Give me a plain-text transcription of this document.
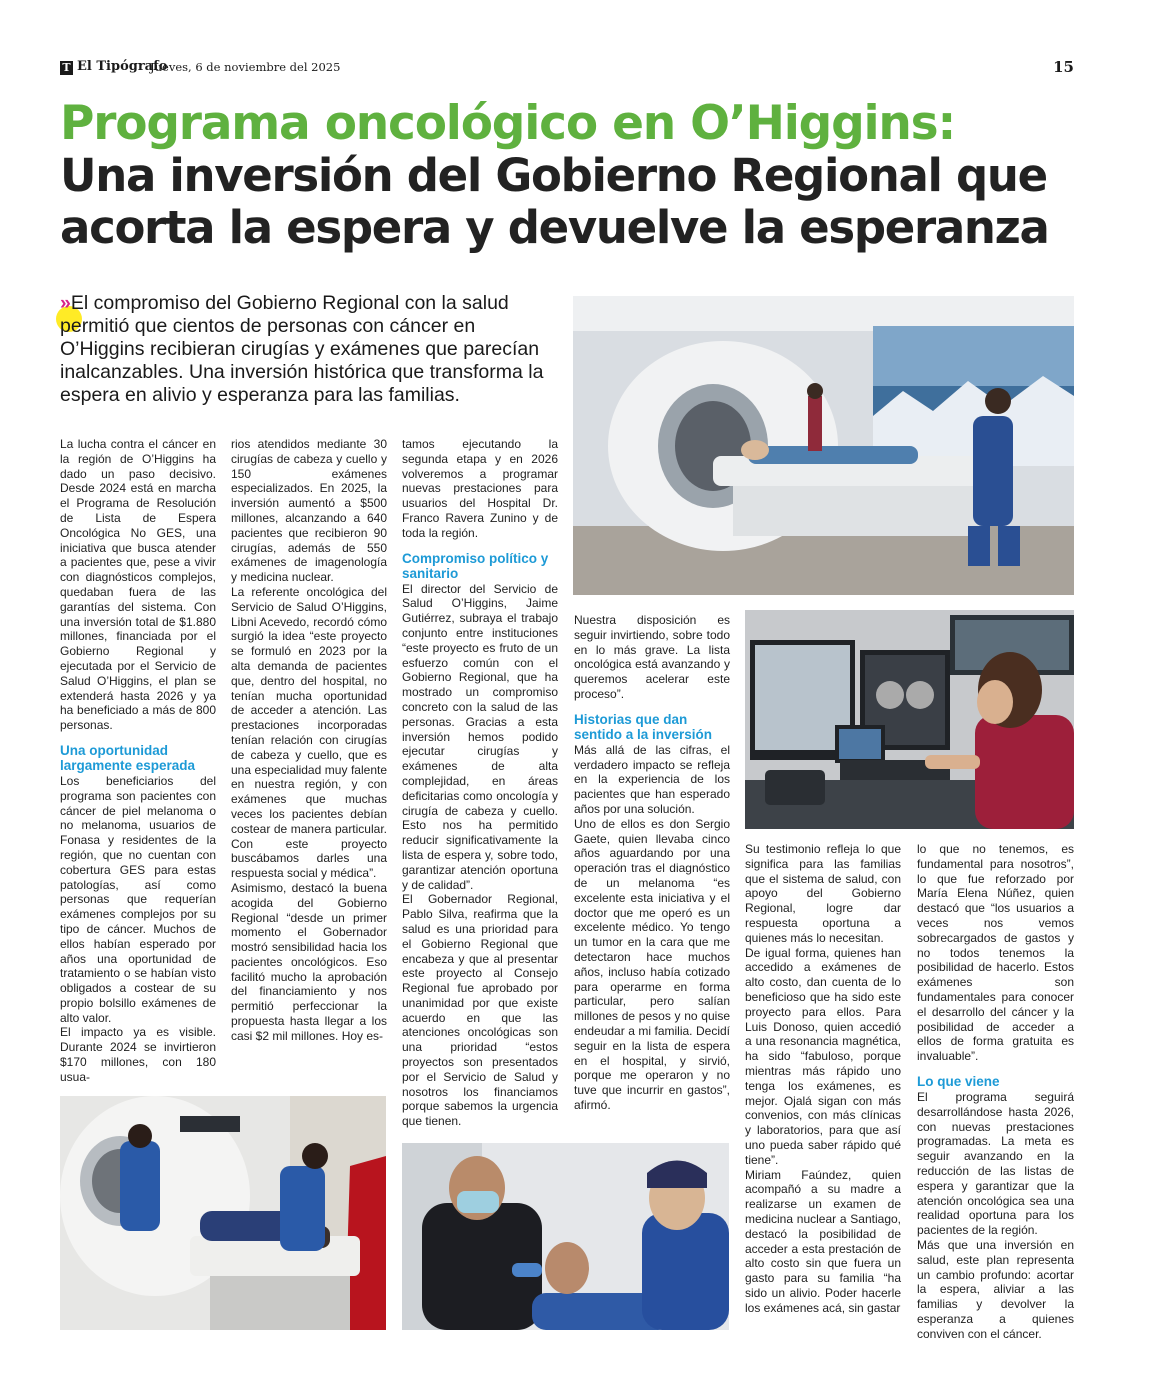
T El Tipógrafo
Jueves, 6 de noviembre del 2025	15
Programa oncológico en O’Higgins:
Una inversión del Gobierno Regional que
acorta la espera y devuelve la esperanza

»El compromiso del Gobierno Regional con la salud permitió que cientos de personas con cáncer en O’Higgins recibieran cirugías y exámenes que parecían inalcanzables. Una inversión histórica que transforma la espera en alivio y esperanza para las familias.

La lucha contra el cáncer en la región de O’Higgins ha dado un paso decisivo. Desde 2024 está en marcha el Programa de Resolución de Lista de Espera Oncológica No GES, una iniciativa que busca atender a pacientes que, pese a vivir con diagnósticos complejos, quedaban fuera de las garantías del sistema. Con una inversión total de $1.880 millones, financiada por el Gobierno Regional y ejecutada por el Servicio de Salud O’Higgins, el plan se extenderá hasta 2026 y ya ha beneficiado a más de 800 personas.

Una oportunidad largamente esperada

Los beneficiarios del programa son pacientes con cáncer de piel melanoma o no melanoma, usuarios de Fonasa y residentes de la región, que no cuentan con cobertura GES para estas patologías, así como personas que requerían exámenes complejos por su tipo de cáncer. Muchos de ellos habían esperado por años una oportunidad de tratamiento o se habían visto obligados a costear de su propio bolsillo exámenes de alto valor.

El impacto ya es visible. Durante 2024 se invirtieron $170 millones, con 180 usua-

rios atendidos mediante 30 cirugías de cabeza y cuello y 150 exámenes especializados. En 2025, la inversión aumentó a $500 millones, alcanzando a 640 pacientes que recibieron 90 cirugías, además de 550 exámenes de imagenología y medicina nuclear.

La referente oncológica del Servicio de Salud O’Higgins, Libni Acevedo, recordó cómo surgió la idea “este proyecto se formuló en 2023 por la alta demanda de pacientes que, dentro del hospital, no tenían mucha oportunidad de acceder a atención. Las prestaciones incorporadas tenían relación con cirugías de cabeza y cuello, que es una especialidad muy falente en nuestra región, y con exámenes que muchas veces los pacientes debían costear de manera particular. Con este proyecto buscábamos darles una respuesta social y médica”.

Asimismo, destacó la buena acogida del Gobierno Regional “desde un primer momento el Gobernador mostró sensibilidad hacia los pacientes oncológicos. Eso facilitó mucho la aprobación del financiamiento y nos permitió perfeccionar la propuesta hasta llegar a los casi $2 mil millones. Hoy es-

tamos ejecutando la segunda etapa y en 2026 volveremos a programar nuevas prestaciones para usuarios del Hospital Dr. Franco Ravera Zunino y de toda la región.

Compromiso político y sanitario

El director del Servicio de Salud O’Higgins, Jaime Gutiérrez, subraya el trabajo conjunto entre instituciones “este proyecto es fruto de un esfuerzo común con el Gobierno Regional, que ha mostrado un compromiso concreto con la salud de las personas. Gracias a esta inversión hemos podido ejecutar cirugías y exámenes de alta complejidad, en áreas deficitarias como oncología y cirugía de cabeza y cuello. Esto nos ha permitido reducir significativamente la lista de espera y, sobre todo, garantizar atención oportuna y de calidad”.

El Gobernador Regional, Pablo Silva, reafirma que la salud es una prioridad para el Gobierno Regional que encabeza y que al presentar este proyecto al Consejo Regional fue aprobado por unanimidad por que existe acuerdo en que las atenciones oncológicas son una prioridad “estos proyectos son presentados por el Servicio de Salud y nosotros los financiamos porque sabemos la urgencia que tienen.

Nuestra disposición es seguir invirtiendo, sobre todo en lo más grave. La lista oncológica está avanzando y queremos acelerar este proceso”.

Historias que dan sentido a la inversión

Más allá de las cifras, el verdadero impacto se refleja en la experiencia de los pacientes que han esperado años por una solución.

Uno de ellos es don Sergio Gaete, quien llevaba cinco años aguardando por una operación tras el diagnóstico de un melanoma “es excelente esta iniciativa y el doctor que me operó es un excelente médico. Yo tengo un tumor en la cara que me detectaron hace muchos años, incluso había cotizado para operarme en forma particular, pero salían millones de pesos y no quise endeudar a mi familia. Decidí seguir en la lista de espera en el hospital, y sirvió, porque me operaron y no tuve que incurrir en gastos”, afirmó.

Su testimonio refleja lo que significa para las familias que el sistema de salud, con apoyo del Gobierno Regional, logre dar respuesta oportuna a quienes más lo necesitan.

De igual forma, quienes han accedido a exámenes de alto costo, dan cuenta de lo beneficioso que ha sido este proyecto para ellos. Para Luis Donoso, quien accedió a una resonancia magnética, ha sido “fabuloso, porque mientras más rápido uno tenga los exámenes, es mejor. Ojalá sigan con más convenios, con más clínicas y laboratorios, para que así uno pueda saber rápido qué tiene”.

Miriam Faúndez, quien acompañó a su madre a realizarse un examen de medicina nuclear a Santiago, destacó la posibilidad de acceder a esta prestación de alto costo sin que fuera un gasto para su familia “ha sido un alivio. Poder hacerle los exámenes acá, sin gastar

lo que no tenemos, es fundamental para nosotros”, lo que fue reforzado por María Elena Núñez, quien destacó que “los usuarios a veces nos vemos sobrecargados de gastos y no todos tenemos la posibilidad de hacerlo. Estos exámenes son fundamentales para conocer el desarrollo del cáncer y la posibilidad de acceder a ellos de forma gratuita es invaluable”.

Lo que viene

El programa seguirá desarrollándose hasta 2026, con nuevas prestaciones programadas. La meta es seguir avanzando en la reducción de las listas de espera y garantizar que la atención oncológica sea una realidad oportuna para los pacientes de la región.

Más que una inversión en salud, este plan representa un cambio profundo: acortar la espera, aliviar a las familias y devolver la esperanza a quienes conviven con el cáncer.
